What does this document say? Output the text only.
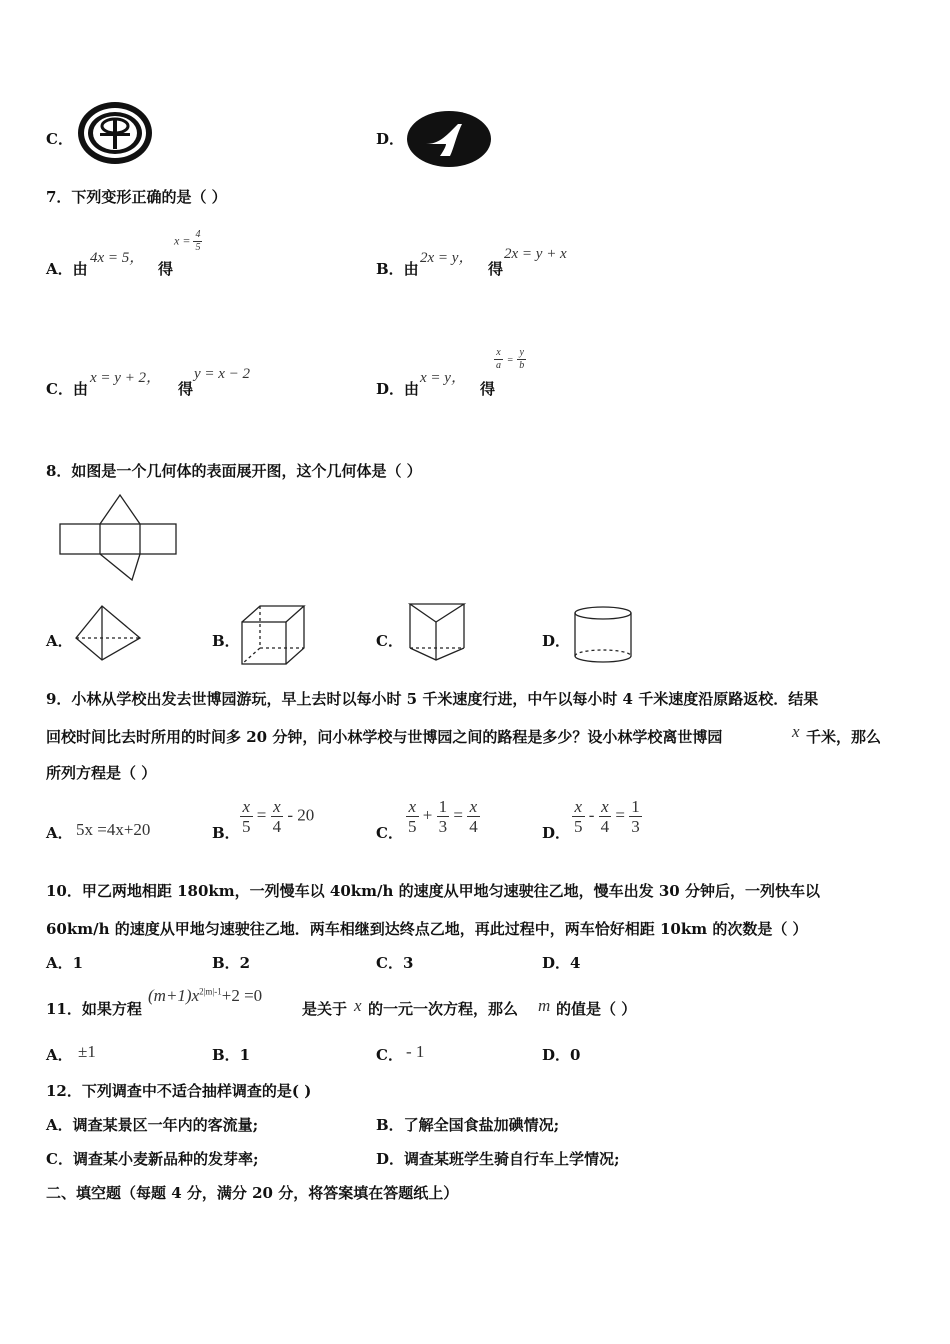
C．	D．
7．下列变形正确的是（ ）
A．由
4x = 5，
得
$x = \frac{4}{5}$
B．由
2x = y，
得
2x = y + x
C．由
x = y + 2，
得
y = x − 2
D．由
x = y，
得
$\frac{x}{a} = \frac{y}{b}$
8．如图是一个几何体的表面展开图，这个几何体是（ ）
A．	B．	C．	D．
9．小林从学校出发去世博园游玩，早上去时以每小时 5 千米速度行进，中午以每小时 4 千米速度沿原路返校．结果
回校时间比去时所用的时间多 20 分钟，问小林学校与世博园之间的路程是多少？设小林学校离世博园	x 千米，那么
所列方程是（ ）
A． 5x =4x+20	B． $\frac{x}{5} = \frac{x}{4} - 20$
C． $\frac{x}{5} + \frac{1}{3} = \frac{x}{4}$	D． $\frac{x}{5} - \frac{x}{4} = \frac{1}{3}$
10．甲乙两地相距 180km，一列慢车以 40km/h 的速度从甲地匀速驶往乙地，慢车出发 30 分钟后，一列快车以
60km/h 的速度从甲地匀速驶往乙地．两车相继到达终点乙地，再此过程中，两车恰好相距 10km 的次数是（ ）
A．1	B．2	C．3	D．4
11．如果方程
$(m+1)x^{2|m|-1}+2 =0$
是关于 x 的一元一次方程，那么 m 的值是（ ）
A． ±1	B．1	C． - 1	D．0
12．下列调查中不适合抽样调查的是( )
A．调查某景区一年内的客流量;	B．了解全国食盐加碘情况;
C．调查某小麦新品种的发芽率;	D．调查某班学生骑自行车上学情况;
二、填空题（每题 4 分，满分 20 分，将答案填在答题纸上）
